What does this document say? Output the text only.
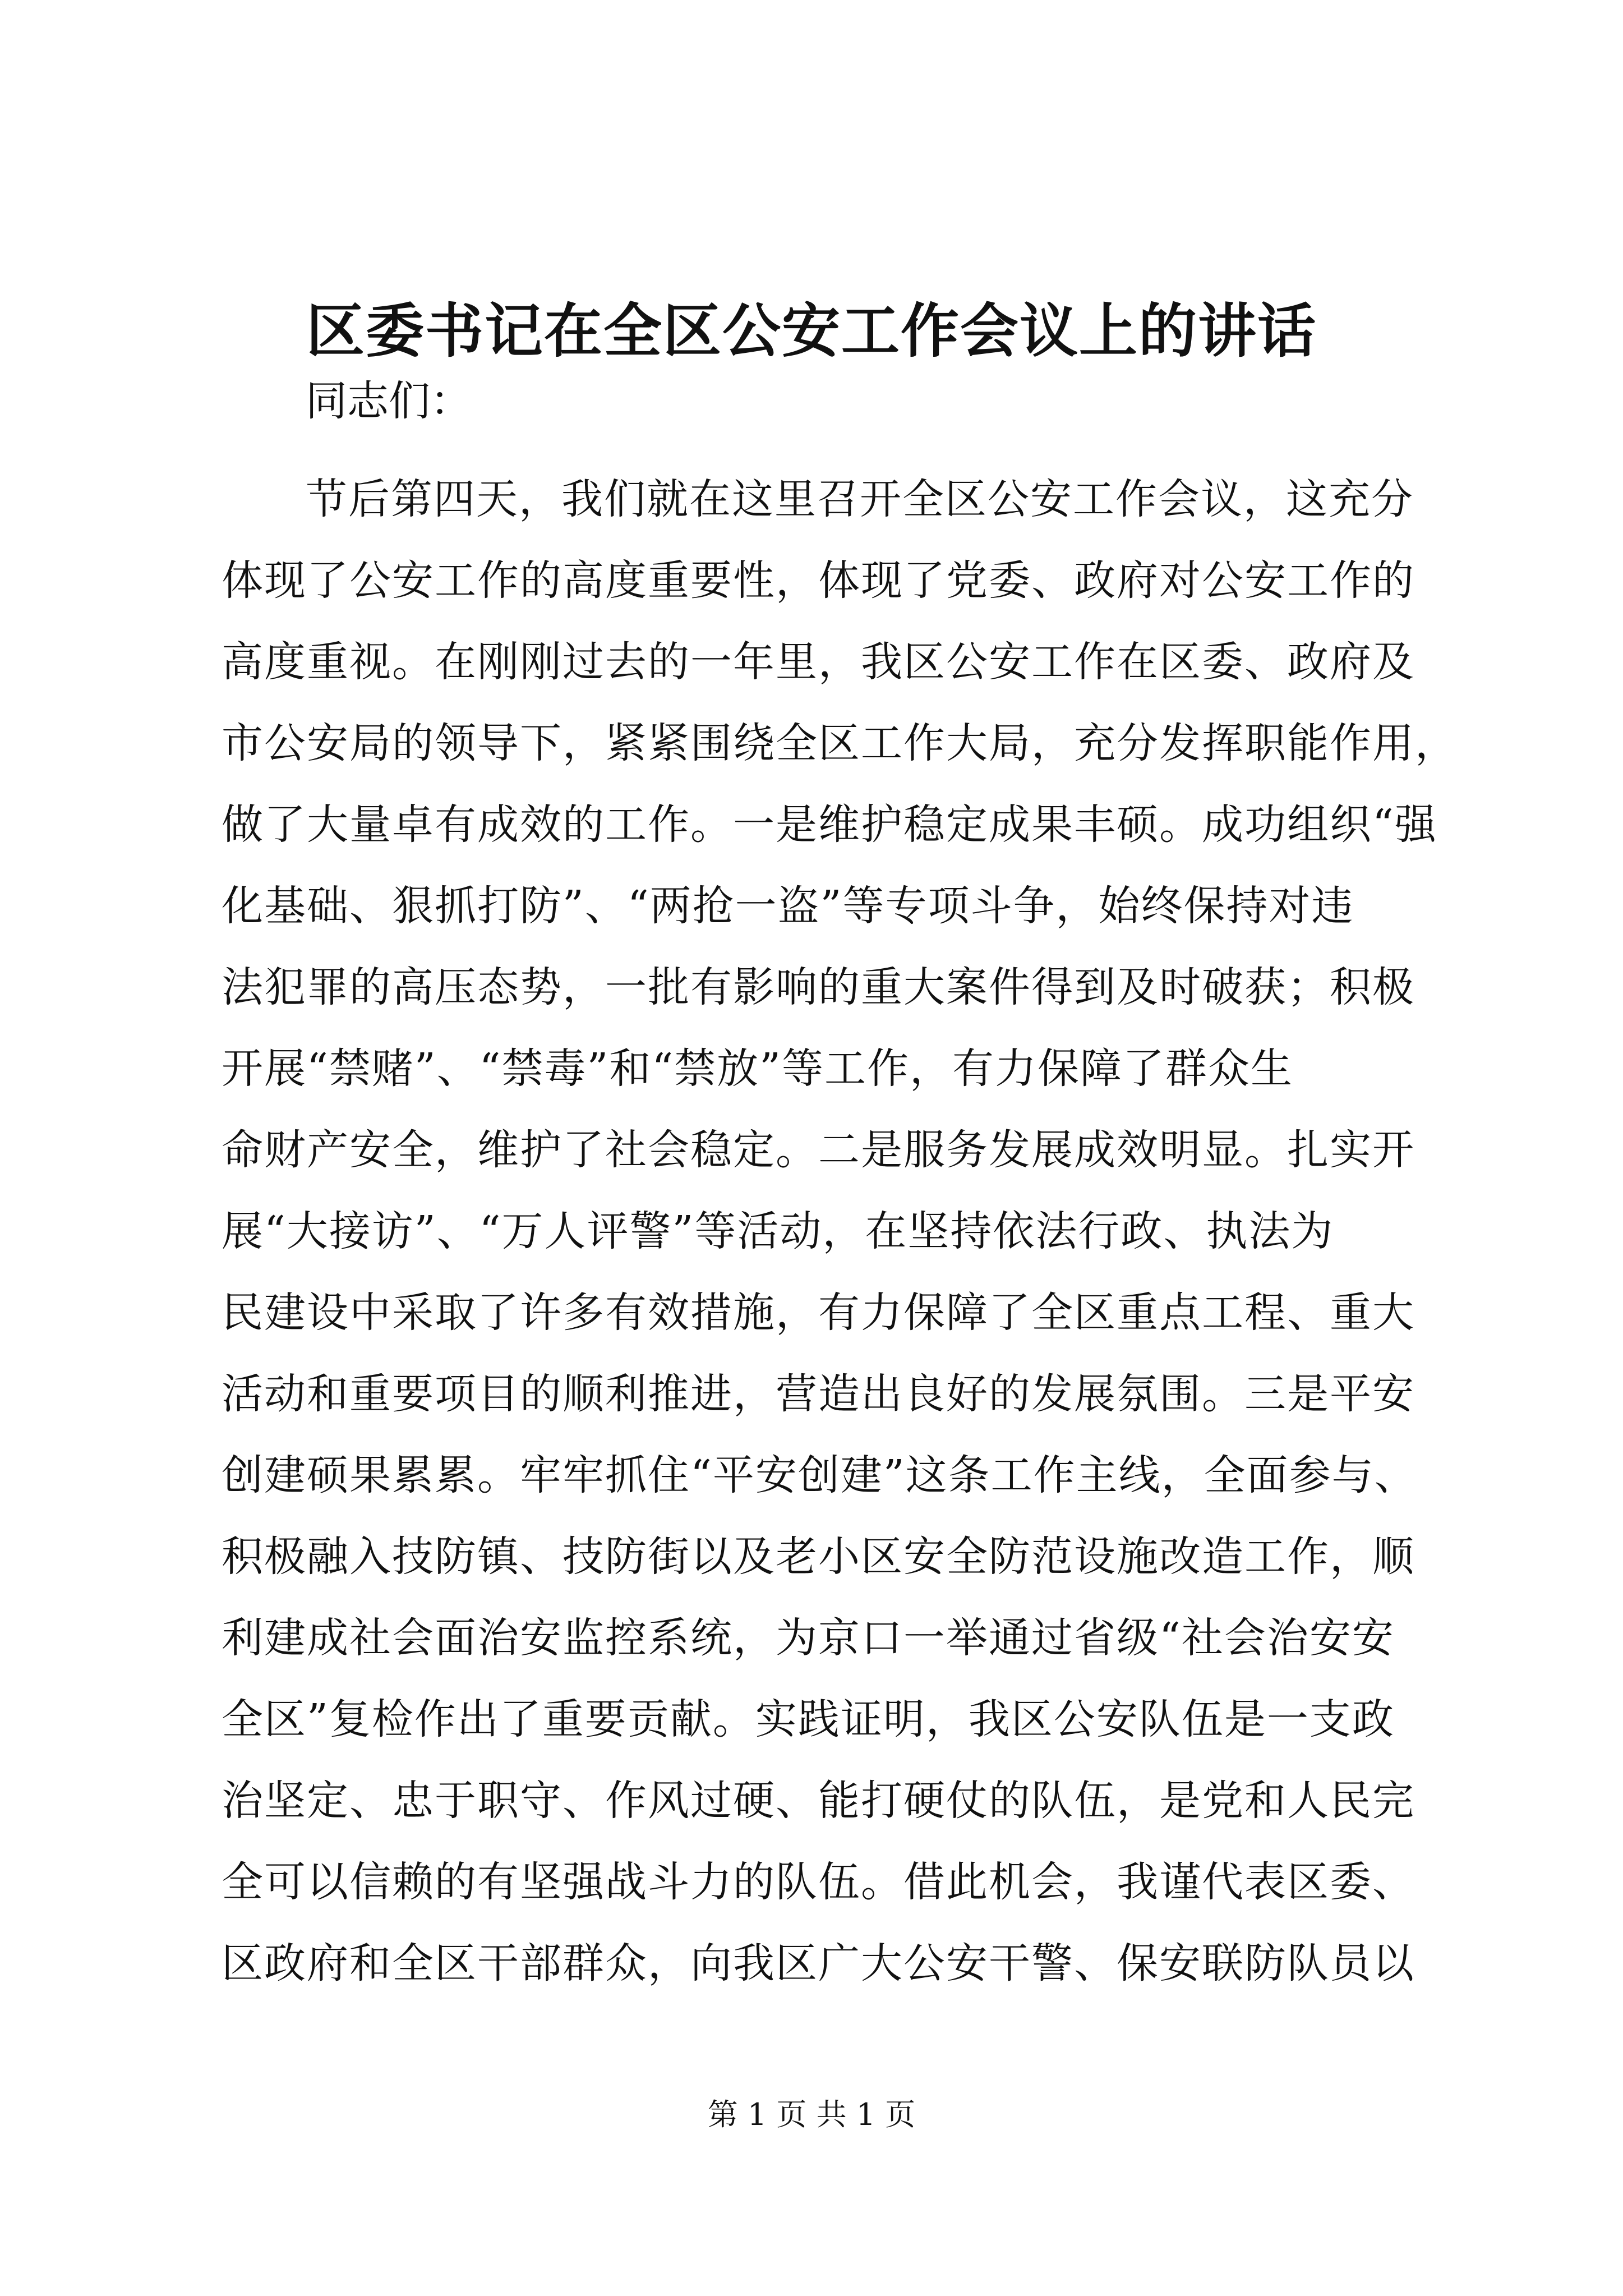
区委书记在全区公安工作会议上的讲话

同志们：

节后第四天，我们就在这里召开全区公安工作会议，这充分

体现了公安工作的高度重要性，体现了党委、政府对公安工作的

高度重视。在刚刚过去的一年里，我区公安工作在区委、政府及

市公安局的领导下，紧紧围绕全区工作大局，充分发挥职能作用，

做了大量卓有成效的工作。一是维护稳定成果丰硕。成功组织“强

化基础、狠抓打防”、“两抢一盗”等专项斗争，始终保持对违

法犯罪的高压态势，一批有影响的重大案件得到及时破获；积极

开展“禁赌”、“禁毒”和“禁放”等工作，有力保障了群众生

命财产安全，维护了社会稳定。二是服务发展成效明显。扎实开

展“大接访”、“万人评警”等活动，在坚持依法行政、执法为

民建设中采取了许多有效措施，有力保障了全区重点工程、重大

活动和重要项目的顺利推进，营造出良好的发展氛围。三是平安

创建硕果累累。牢牢抓住“平安创建”这条工作主线，全面参与、

积极融入技防镇、技防街以及老小区安全防范设施改造工作，顺

利建成社会面治安监控系统，为京口一举通过省级“社会治安安

全区”复检作出了重要贡献。实践证明，我区公安队伍是一支政

治坚定、忠于职守、作风过硬、能打硬仗的队伍，是党和人民完

全可以信赖的有坚强战斗力的队伍。借此机会，我谨代表区委、

区政府和全区干部群众，向我区广大公安干警、保安联防队员以

第 1 页 共 1 页
